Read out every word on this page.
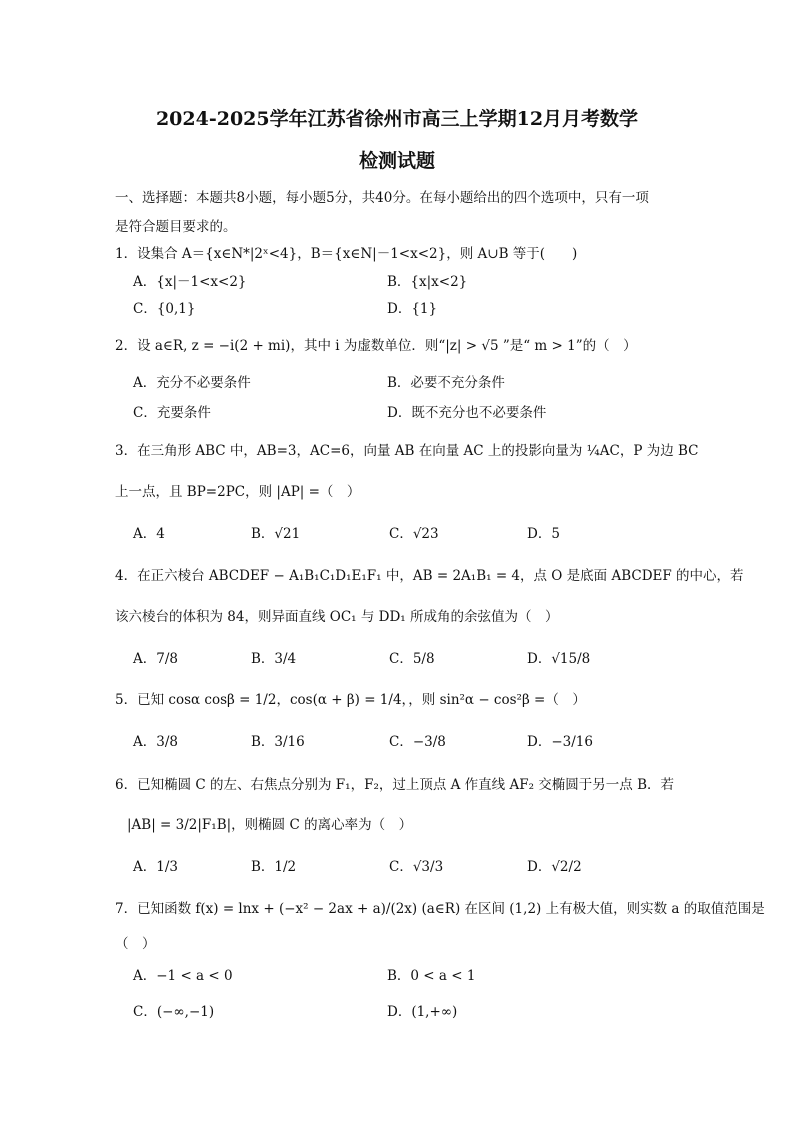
2024-2025学年江苏省徐州市高三上学期12月月考数学
检测试题
一、选择题：本题共8小题，每小题5分，共40分。在每小题给出的四个选项中，只有一项
是符合题目要求的。
1．设集合 A＝{x∈N*|2ˣ<4}，B＝{x∈N|－1<x<2}，则 A∪B 等于(　　)
A．{x|－1<x<2}	B．{x|x<2}
C．{0,1}	D．{1}
2．设 a∈R, z = −i(2 + mi)，其中 i 为虚数单位．则“|z| > √5 ”是“ m > 1”的（　）
A．充分不必要条件	B．必要不充分条件
C．充要条件	D．既不充分也不必要条件
3．在三角形 ABC 中，AB=3，AC=6，向量 AB 在向量 AC 上的投影向量为 ¼AC，P 为边 BC
上一点，且 BP=2PC，则 |AP| =（　）
A．4	B．√21	C．√23	D．5
4．在正六棱台 ABCDEF − A₁B₁C₁D₁E₁F₁ 中，AB = 2A₁B₁ = 4，点 O 是底面 ABCDEF 的中心，若
该六棱台的体积为 84，则异面直线 OC₁ 与 DD₁ 所成角的余弦值为（　）
A．7/8	B．3/4	C．5/8	D．√15/8
5．已知 cosα cosβ = 1/2，cos(α + β) = 1/4，，则 sin²α − cos²β =（　）
A．3/8	B．3/16	C．−3/8	D．−3/16
6．已知椭圆 C 的左、右焦点分别为 F₁，F₂，过上顶点 A 作直线 AF₂ 交椭圆于另一点 B．若
|AB| = 3/2|F₁B|，则椭圆 C 的离心率为（　）
A．1/3	B．1/2	C．√3/3	D．√2/2
7．已知函数 f(x) = lnx + (−x² − 2ax + a)/(2x) (a∈R) 在区间 (1,2) 上有极大值，则实数 a 的取值范围是
（　）
A．−1 < a < 0	B．0 < a < 1
C．(−∞,−1)	D．(1,+∞)
